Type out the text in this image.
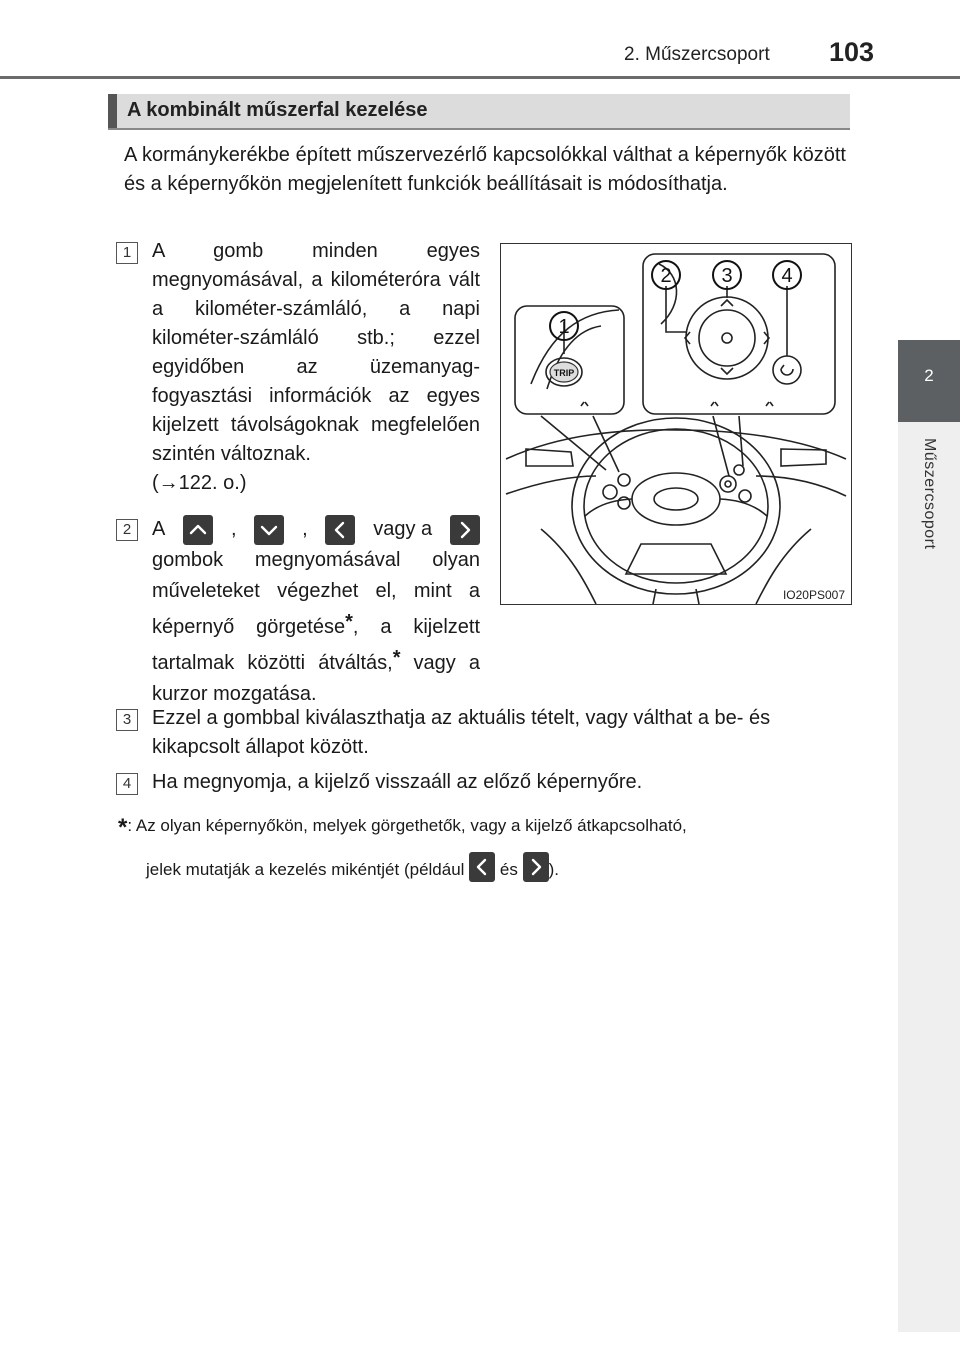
2. Műszercsoport 103
2
Műszercsoport
A kombinált műszerfal kezelése
A kormánykerékbe épített műszervezérlő kapcsolókkal válthat a képernyők között és a képernyőkön megjelenített funkciók beállításait is módosíthatja.
1	A gomb minden egyes megnyomásával, a kilométeróra vált a kilométer-számláló, a napi kilométer-számláló stb.; ezzel egyidőben az üzemanyag-fogyasztási információk az egyes kijelzett távolságoknak megfelelően szintén változnak.
(→122. o.)
2	A	,	,	vagy a
gombok megnyomásával olyan műveleteket végezhet el, mint a képernyő görgetése*, a kijelzett tartalmak közötti átváltás,* vagy a kurzor mozgatása.
3	Ezzel a gombbal kiválaszthatja az aktuális tételt, vagy válthat a be- és kikapcsolt állapot között.
4	Ha megnyomja, a kijelző visszaáll az előző képernyőre.
*: Az olyan képernyőkön, melyek görgethetők, vagy a kijelző átkapcsolható,
jelek mutatják a kezelés mikéntjét (például és ).
1
2 3 4
TRIP
IO20PS007
